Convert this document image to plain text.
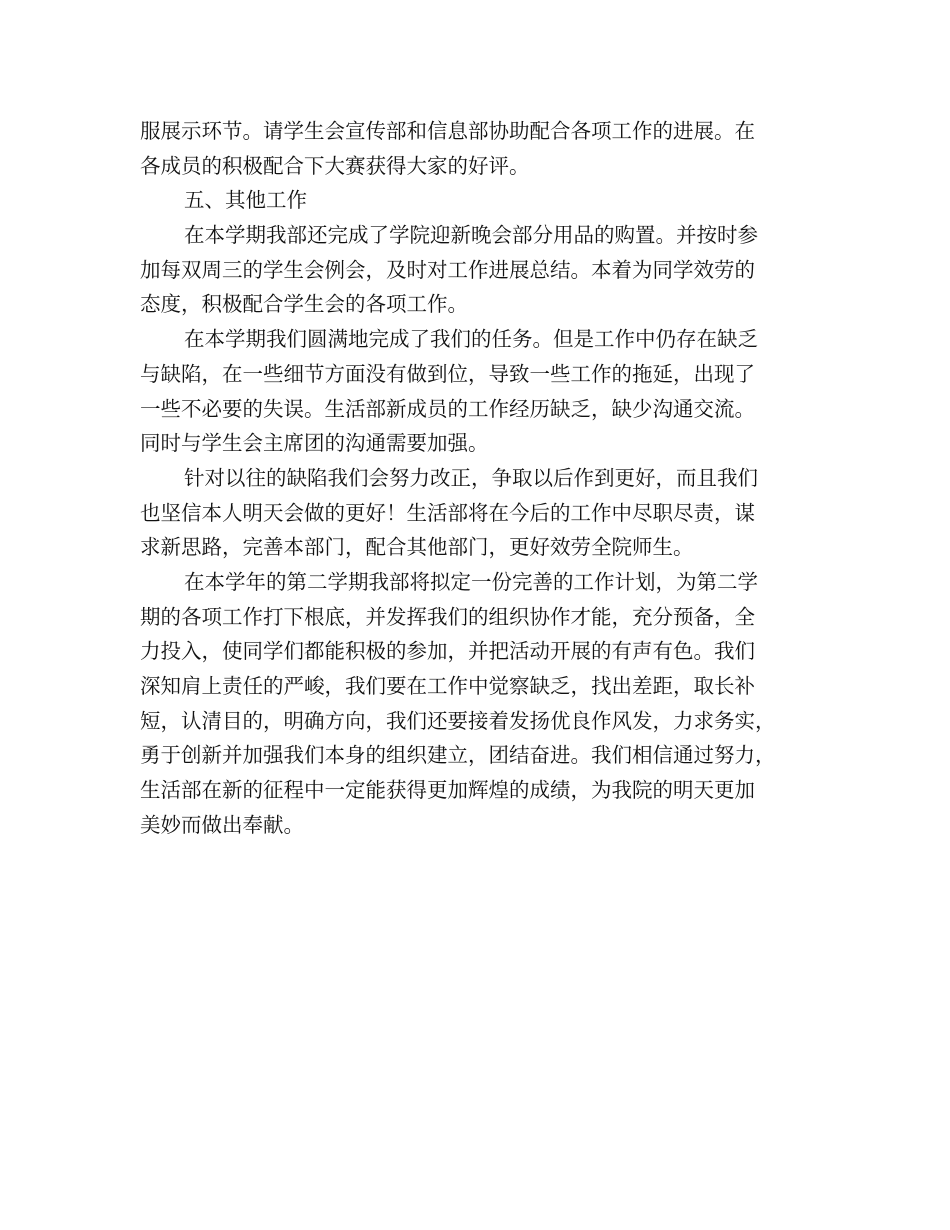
服展示环节。请学生会宣传部和信息部协助配合各项工作的进展。在
各成员的积极配合下大赛获得大家的好评。
五、其他工作
在本学期我部还完成了学院迎新晚会部分用品的购置。并按时参
加每双周三的学生会例会，及时对工作进展总结。本着为同学效劳的
态度，积极配合学生会的各项工作。
在本学期我们圆满地完成了我们的任务。但是工作中仍存在缺乏
与缺陷，在一些细节方面没有做到位，导致一些工作的拖延，出现了
一些不必要的失误。生活部新成员的工作经历缺乏，缺少沟通交流。
同时与学生会主席团的沟通需要加强。
针对以往的缺陷我们会努力改正，争取以后作到更好，而且我们
也坚信本人明天会做的更好！生活部将在今后的工作中尽职尽责，谋
求新思路，完善本部门，配合其他部门，更好效劳全院师生。
在本学年的第二学期我部将拟定一份完善的工作计划，为第二学
期的各项工作打下根底，并发挥我们的组织协作才能，充分预备，全
力投入，使同学们都能积极的参加，并把活动开展的有声有色。我们
深知肩上责任的严峻，我们要在工作中觉察缺乏，找出差距，取长补
短，认清目的，明确方向，我们还要接着发扬优良作风发，力求务实，
勇于创新并加强我们本身的组织建立，团结奋进。我们相信通过努力，
生活部在新的征程中一定能获得更加辉煌的成绩，为我院的明天更加
美妙而做出奉献。
